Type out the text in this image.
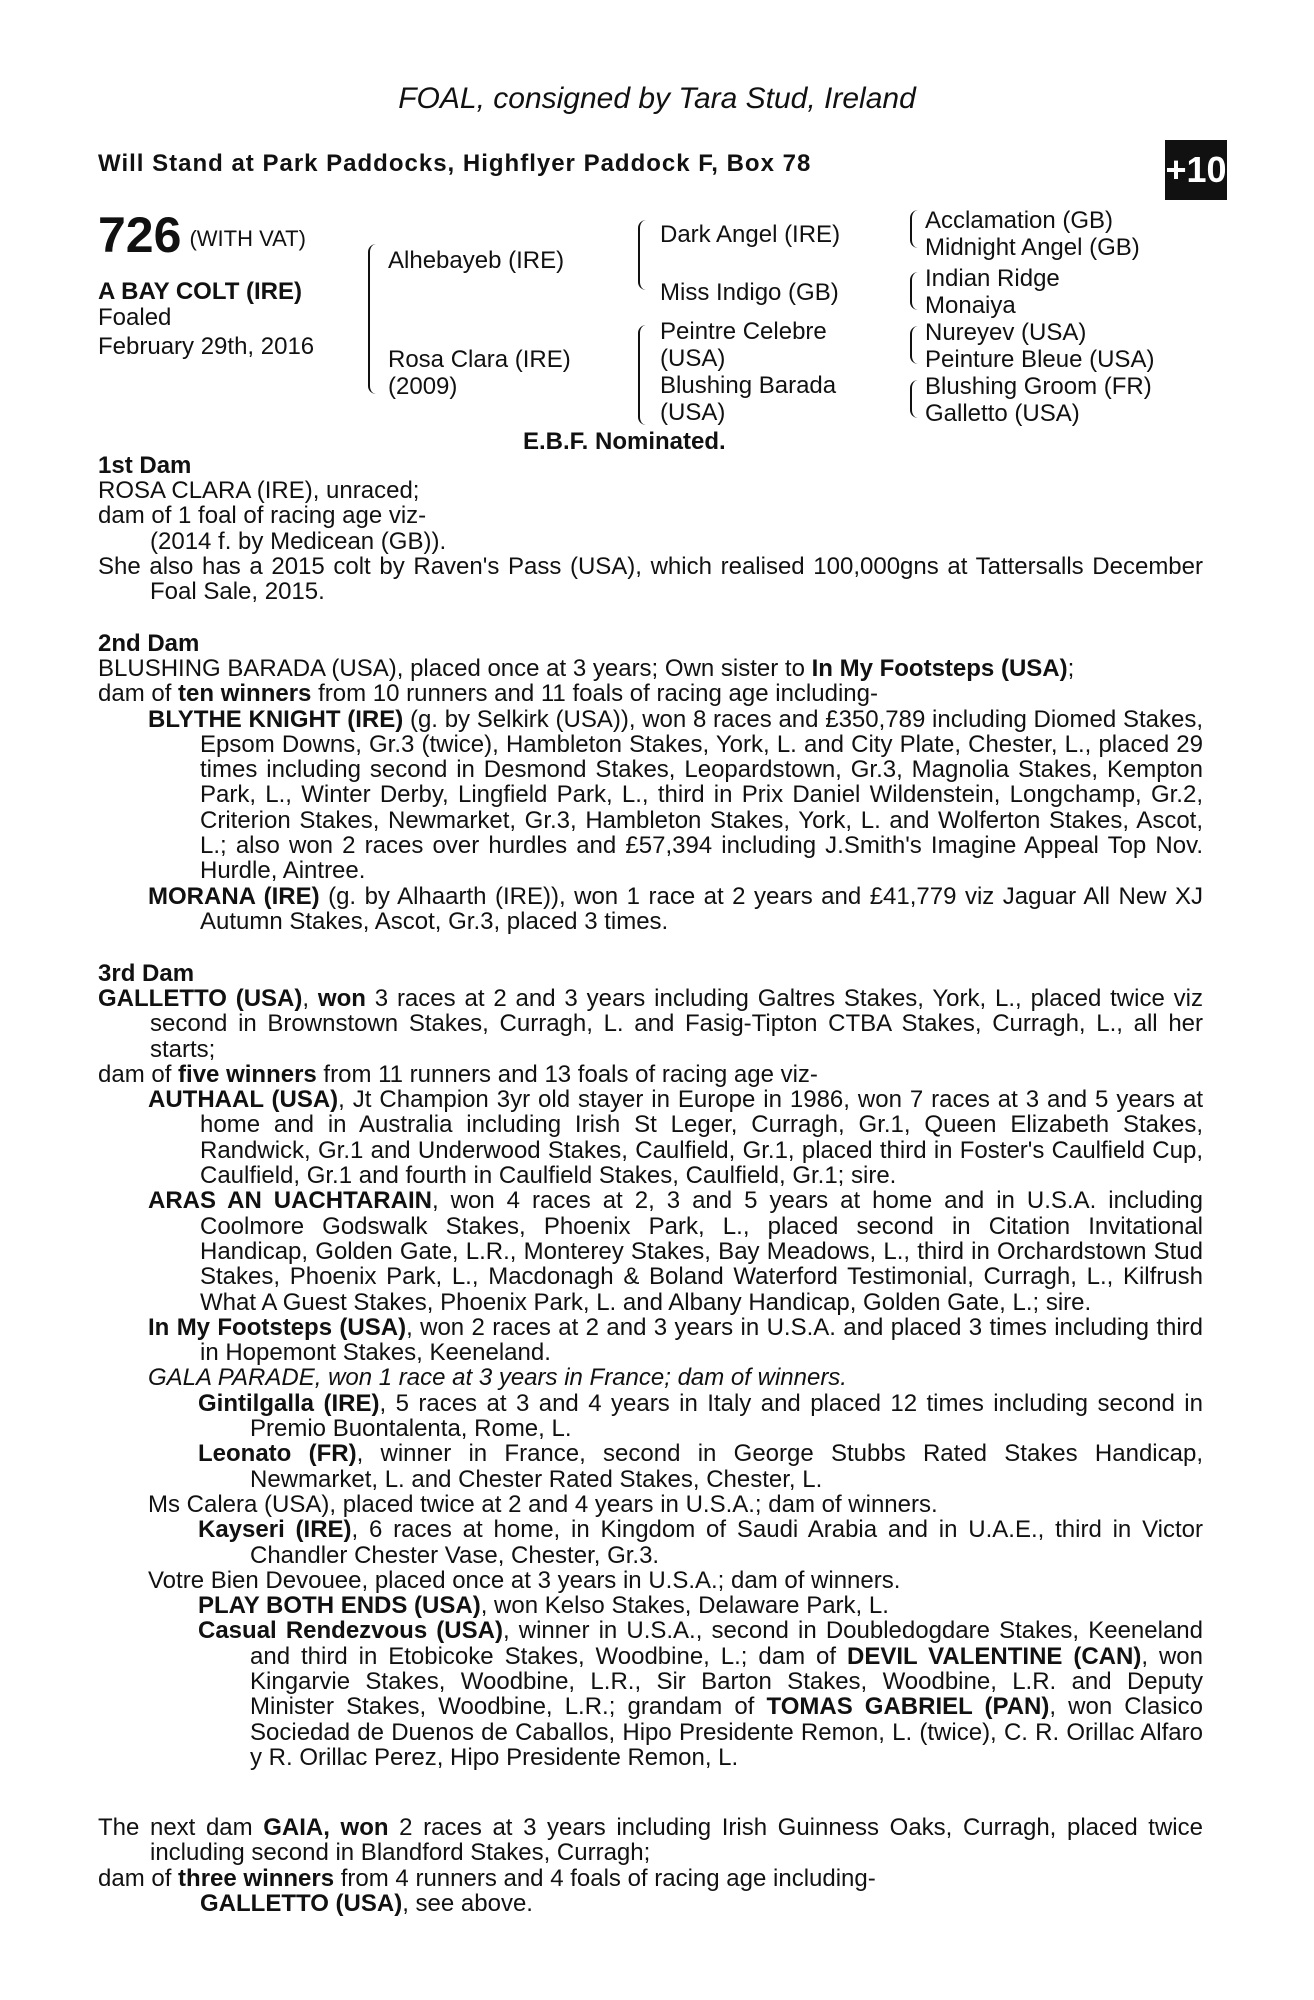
FOAL, consigned by Tara Stud, Ireland
Will Stand at Park Paddocks, Highflyer Paddock F, Box 78	+10
726 (WITH VAT)
A BAY COLT (IRE)
Foaled
February 29th, 2016
Alhebayeb (IRE)
Rosa Clara (IRE)
(2009)
Dark Angel (IRE)
Miss Indigo (GB)
Peintre Celebre
(USA)
Blushing Barada
(USA)
Acclamation (GB)
Midnight Angel (GB)
Indian Ridge
Monaiya
Nureyev (USA)
Peinture Bleue (USA)
Blushing Groom (FR)
Galletto (USA)
E.B.F. Nominated.
1st Dam

ROSA CLARA (IRE), unraced;

dam of 1 foal of racing age viz-

(2014 f. by Medicean (GB)).

She also has a 2015 colt by Raven's Pass (USA), which realised 100,000gns at Tattersalls December Foal Sale, 2015.

2nd Dam

BLUSHING BARADA (USA), placed once at 3 years; Own sister to In My Footsteps (USA);

dam of ten winners from 10 runners and 11 foals of racing age including-

BLYTHE KNIGHT (IRE) (g. by Selkirk (USA)), won 8 races and £350,789 including Diomed Stakes, Epsom Downs, Gr.3 (twice), Hambleton Stakes, York, L. and City Plate, Chester, L., placed 29 times including second in Desmond Stakes, Leopardstown, Gr.3, Magnolia Stakes, Kempton Park, L., Winter Derby, Lingfield Park, L., third in Prix Daniel Wildenstein, Longchamp, Gr.2, Criterion Stakes, Newmarket, Gr.3, Hambleton Stakes, York, L. and Wolferton Stakes, Ascot, L.; also won 2 races over hurdles and £57,394 including J.Smith's Imagine Appeal Top Nov. Hurdle, Aintree.

MORANA (IRE) (g. by Alhaarth (IRE)), won 1 race at 2 years and £41,779 viz Jaguar All New XJ Autumn Stakes, Ascot, Gr.3, placed 3 times.

3rd Dam

GALLETTO (USA), won 3 races at 2 and 3 years including Galtres Stakes, York, L., placed twice viz second in Brownstown Stakes, Curragh, L. and Fasig-Tipton CTBA Stakes, Curragh, L., all her starts;

dam of five winners from 11 runners and 13 foals of racing age viz-

AUTHAAL (USA), Jt Champion 3yr old stayer in Europe in 1986, won 7 races at 3 and 5 years at home and in Australia including Irish St Leger, Curragh, Gr.1, Queen Elizabeth Stakes, Randwick, Gr.1 and Underwood Stakes, Caulfield, Gr.1, placed third in Foster's Caulfield Cup, Caulfield, Gr.1 and fourth in Caulfield Stakes, Caulfield, Gr.1; sire.

ARAS AN UACHTARAIN, won 4 races at 2, 3 and 5 years at home and in U.S.A. including Coolmore Godswalk Stakes, Phoenix Park, L., placed second in Citation Invitational Handicap, Golden Gate, L.R., Monterey Stakes, Bay Meadows, L., third in Orchardstown Stud Stakes, Phoenix Park, L., Macdonagh & Boland Waterford Testimonial, Curragh, L., Kilfrush What A Guest Stakes, Phoenix Park, L. and Albany Handicap, Golden Gate, L.; sire.

In My Footsteps (USA), won 2 races at 2 and 3 years in U.S.A. and placed 3 times including third in Hopemont Stakes, Keeneland.

GALA PARADE, won 1 race at 3 years in France; dam of winners.

Gintilgalla (IRE), 5 races at 3 and 4 years in Italy and placed 12 times including second in Premio Buontalenta, Rome, L.

Leonato (FR), winner in France, second in George Stubbs Rated Stakes Handicap, Newmarket, L. and Chester Rated Stakes, Chester, L.

Ms Calera (USA), placed twice at 2 and 4 years in U.S.A.; dam of winners.

Kayseri (IRE), 6 races at home, in Kingdom of Saudi Arabia and in U.A.E., third in Victor Chandler Chester Vase, Chester, Gr.3.

Votre Bien Devouee, placed once at 3 years in U.S.A.; dam of winners.

PLAY BOTH ENDS (USA), won Kelso Stakes, Delaware Park, L.

Casual Rendezvous (USA), winner in U.S.A., second in Doubledogdare Stakes, Keeneland and third in Etobicoke Stakes, Woodbine, L.; dam of DEVIL VALENTINE (CAN), won Kingarvie Stakes, Woodbine, L.R., Sir Barton Stakes, Woodbine, L.R. and Deputy Minister Stakes, Woodbine, L.R.; grandam of TOMAS GABRIEL (PAN), won Clasico Sociedad de Duenos de Caballos, Hipo Presidente Remon, L. (twice), C. R. Orillac Alfaro y R. Orillac Perez, Hipo Presidente Remon, L.

The next dam GAIA, won 2 races at 3 years including Irish Guinness Oaks, Curragh, placed twice including second in Blandford Stakes, Curragh;

dam of three winners from 4 runners and 4 foals of racing age including-

GALLETTO (USA), see above.
